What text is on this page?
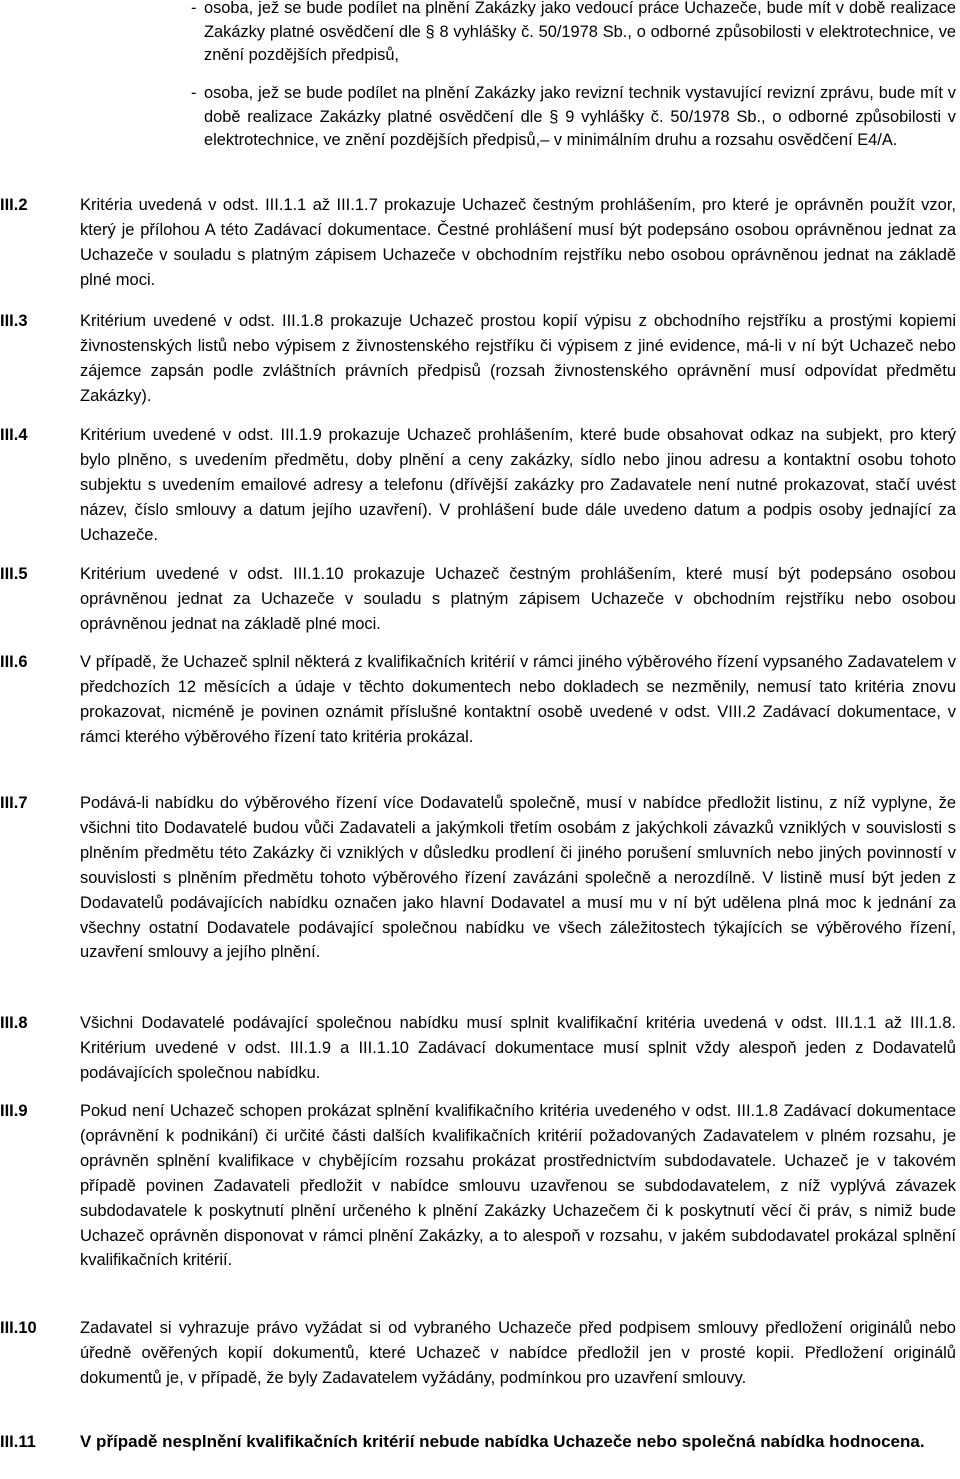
- osoba, jež se bude podílet na plnění Zakázky jako vedoucí práce Uchazeče, bude mít v době realizace Zakázky platné osvědčení dle § 8 vyhlášky č. 50/1978 Sb., o odborné způsobilosti v elektrotechnice, ve znění pozdějších předpisů,
- osoba, jež se bude podílet na plnění Zakázky jako revizní technik vystavující revizní zprávu, bude mít v době realizace Zakázky platné osvědčení dle § 9 vyhlášky č. 50/1978 Sb., o odborné způsobilosti v elektrotechnice, ve znění pozdějších předpisů,– v minimálním druhu a rozsahu osvědčení E4/A.

III.2	Kritéria uvedená v odst. III.1.1 až III.1.7 prokazuje Uchazeč čestným prohlášením, pro které je oprávněn použít vzor, který je přílohou A této Zadávací dokumentace. Čestné prohlášení musí být podepsáno osobou oprávněnou jednat za Uchazeče v souladu s platným zápisem Uchazeče v obchodním rejstříku nebo osobou oprávněnou jednat na základě plné moci.

III.3	Kritérium uvedené v odst. III.1.8 prokazuje Uchazeč prostou kopií výpisu z obchodního rejstříku a prostými kopiemi živnostenských listů nebo výpisem z živnostenského rejstříku či výpisem z jiné evidence, má-li v ní být Uchazeč nebo zájemce zapsán podle zvláštních právních předpisů (rozsah živnostenského oprávnění musí odpovídat předmětu Zakázky).

III.4	Kritérium uvedené v odst. III.1.9 prokazuje Uchazeč prohlášením, které bude obsahovat odkaz na subjekt, pro který bylo plněno, s uvedením předmětu, doby plnění a ceny zakázky, sídlo nebo jinou adresu a kontaktní osobu tohoto subjektu s uvedením emailové adresy a telefonu (dřívější zakázky pro Zadavatele není nutné prokazovat, stačí uvést název, číslo smlouvy a datum jejího uzavření). V prohlášení bude dále uvedeno datum a podpis osoby jednající za Uchazeče.

III.5	Kritérium uvedené v odst. III.1.10 prokazuje Uchazeč čestným prohlášením, které musí být podepsáno osobou oprávněnou jednat za Uchazeče v souladu s platným zápisem Uchazeče v obchodním rejstříku nebo osobou oprávněnou jednat na základě plné moci.

III.6	V případě, že Uchazeč splnil některá z kvalifikačních kritérií v rámci jiného výběrového řízení vypsaného Zadavatelem v předchozích 12 měsících a údaje v těchto dokumentech nebo dokladech se nezměnily, nemusí tato kritéria znovu prokazovat, nicméně je povinen oznámit příslušné kontaktní osobě uvedené v odst. VIII.2 Zadávací dokumentace, v rámci kterého výběrového řízení tato kritéria prokázal.

III.7	Podává-li nabídku do výběrového řízení více Dodavatelů společně, musí v nabídce předložit listinu, z níž vyplyne, že všichni tito Dodavatelé budou vůči Zadavateli a jakýmkoli třetím osobám z jakýchkoli závazků vzniklých v souvislosti s plněním předmětu této Zakázky či vzniklých v důsledku prodlení či jiného porušení smluvních nebo jiných povinností v souvislosti s plněním předmětu tohoto výběrového řízení zavázáni společně a nerozdílně. V listině musí být jeden z Dodavatelů podávajících nabídku označen jako hlavní Dodavatel a musí mu v ní být udělena plná moc k jednání za všechny ostatní Dodavatele podávající společnou nabídku ve všech záležitostech týkajících se výběrového řízení, uzavření smlouvy a jejího plnění.

III.8	Všichni Dodavatelé podávající společnou nabídku musí splnit kvalifikační kritéria uvedená v odst. III.1.1 až III.1.8. Kritérium uvedené v odst. III.1.9 a III.1.10 Zadávací dokumentace musí splnit vždy alespoň jeden z Dodavatelů podávajících společnou nabídku.

III.9	Pokud není Uchazeč schopen prokázat splnění kvalifikačního kritéria uvedeného v odst. III.1.8 Zadávací dokumentace (oprávnění k podnikání) či určité části dalších kvalifikačních kritérií požadovaných Zadavatelem v plném rozsahu, je oprávněn splnění kvalifikace v chybějícím rozsahu prokázat prostřednictvím subdodavatele. Uchazeč je v takovém případě povinen Zadavateli předložit v nabídce smlouvu uzavřenou se subdodavatelem, z níž vyplývá závazek subdodavatele k poskytnutí plnění určeného k plnění Zakázky Uchazečem či k poskytnutí věcí či práv, s nimiž bude Uchazeč oprávněn disponovat v rámci plnění Zakázky, a to alespoň v rozsahu, v jakém subdodavatel prokázal splnění kvalifikačních kritérií.

III.10	Zadavatel si vyhrazuje právo vyžádat si od vybraného Uchazeče před podpisem smlouvy předložení originálů nebo úředně ověřených kopií dokumentů, které Uchazeč v nabídce předložil jen v prosté kopii. Předložení originálů dokumentů je, v případě, že byly Zadavatelem vyžádány, podmínkou pro uzavření smlouvy.

III.11	V případě nesplnění kvalifikačních kritérií nebude nabídka Uchazeče nebo společná nabídka hodnocena.
